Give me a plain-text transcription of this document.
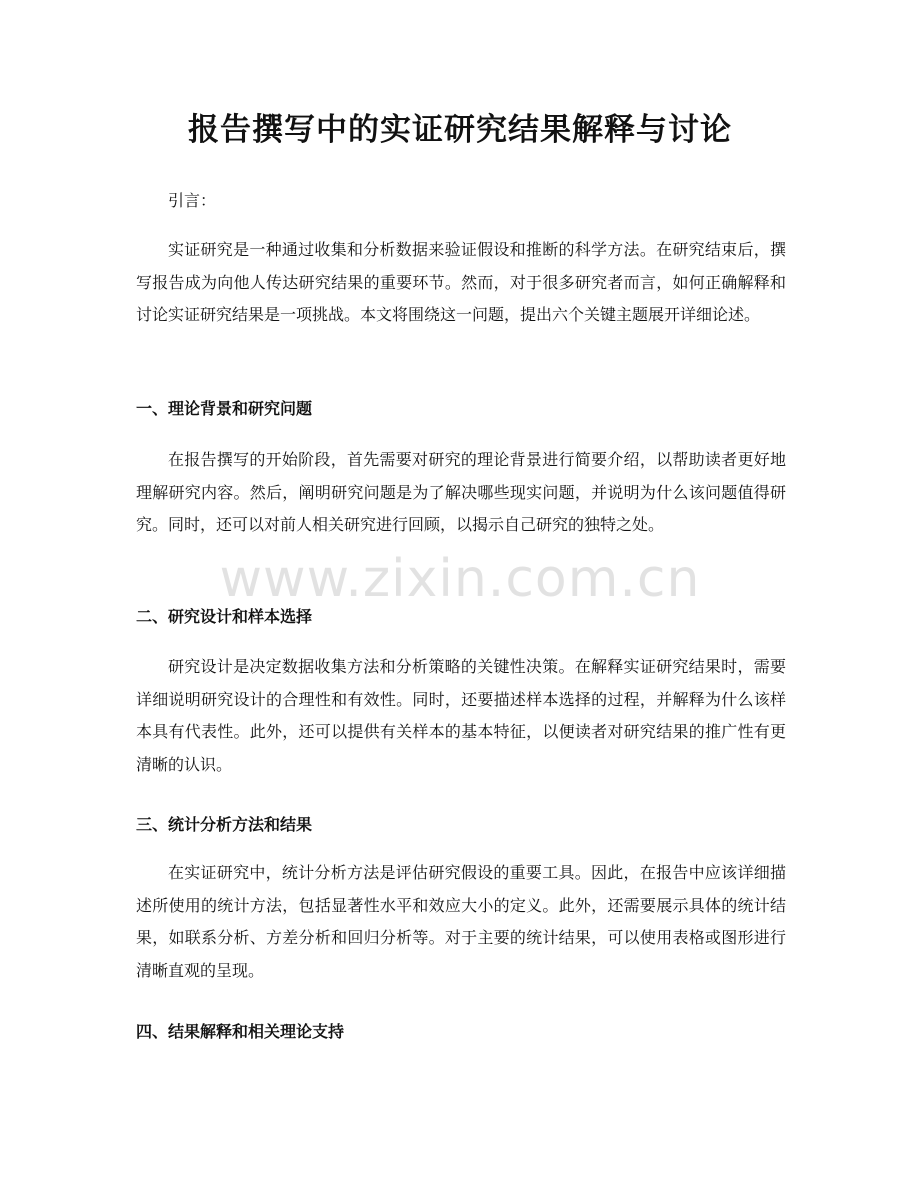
报告撰写中的实证研究结果解释与讨论

引言：

实证研究是一种通过收集和分析数据来验证假设和推断的科学方法。在研究结束后，撰写报告成为向他人传达研究结果的重要环节。然而，对于很多研究者而言，如何正确解释和讨论实证研究结果是一项挑战。本文将围绕这一问题，提出六个关键主题展开详细论述。

一、理论背景和研究问题

在报告撰写的开始阶段，首先需要对研究的理论背景进行简要介绍，以帮助读者更好地理解研究内容。然后，阐明研究问题是为了解决哪些现实问题，并说明为什么该问题值得研究。同时，还可以对前人相关研究进行回顾，以揭示自己研究的独特之处。

二、研究设计和样本选择

研究设计是决定数据收集方法和分析策略的关键性决策。在解释实证研究结果时，需要详细说明研究设计的合理性和有效性。同时，还要描述样本选择的过程，并解释为什么该样本具有代表性。此外，还可以提供有关样本的基本特征，以便读者对研究结果的推广性有更清晰的认识。

三、统计分析方法和结果

在实证研究中，统计分析方法是评估研究假设的重要工具。因此，在报告中应该详细描述所使用的统计方法，包括显著性水平和效应大小的定义。此外，还需要展示具体的统计结果，如联系分析、方差分析和回归分析等。对于主要的统计结果，可以使用表格或图形进行清晰直观的呈现。

四、结果解释和相关理论支持
www.zixin.com.cn
